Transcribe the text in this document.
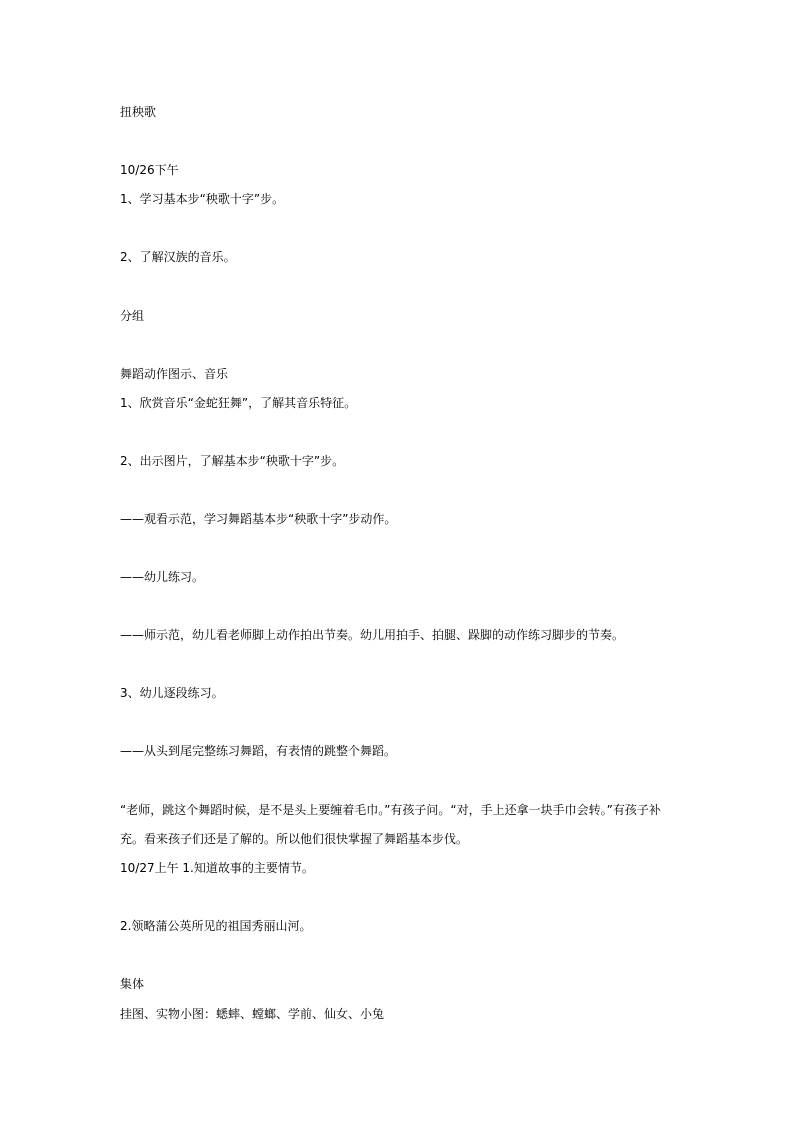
扭秧歌
10/26下午
1、学习基本步“秧歌十字”步。
2、了解汉族的音乐。
分组
舞蹈动作图示、音乐
1、欣赏音乐“金蛇狂舞”，了解其音乐特征。
2、出示图片，了解基本步“秧歌十字”步。
——观看示范，学习舞蹈基本步“秧歌十字”步动作。
——幼儿练习。
——师示范，幼儿看老师脚上动作拍出节奏。幼儿用拍手、拍腿、跺脚的动作练习脚步的节奏。
3、幼儿逐段练习。
——从头到尾完整练习舞蹈，有表情的跳整个舞蹈。
“老师，跳这个舞蹈时候，是不是头上要缠着毛巾。”有孩子问。“对，手上还拿一块手巾会转。”有孩子补
充。看来孩子们还是了解的。所以他们很快掌握了舞蹈基本步伐。
10/27上午 1.知道故事的主要情节。
2.领略蒲公英所见的祖国秀丽山河。
集体
挂图、实物小图：蟋蟀、螳螂、学前、仙女、小兔
